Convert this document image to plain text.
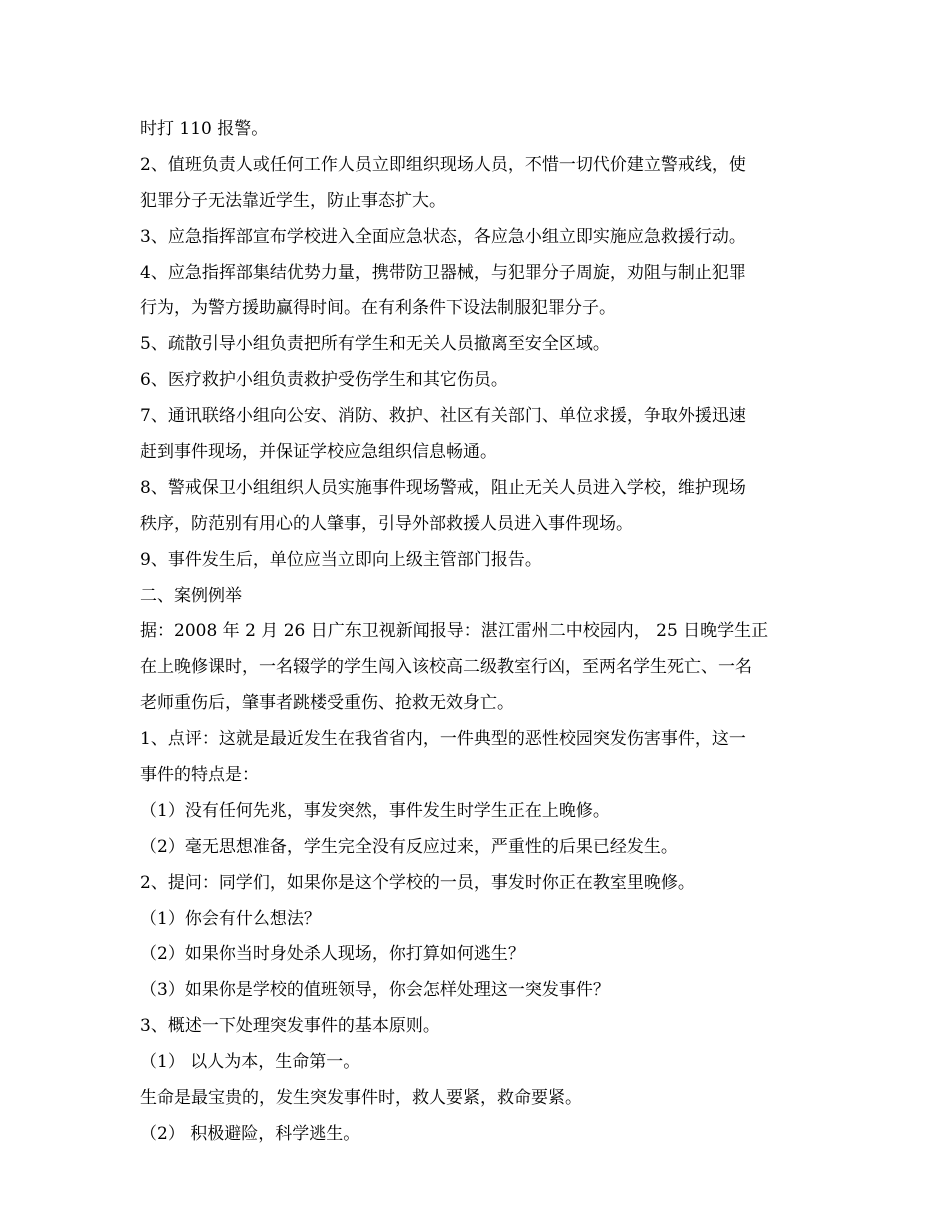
时打 110 报警。
2、值班负责人或任何工作人员立即组织现场人员，不惜一切代价建立警戒线，使
犯罪分子无法靠近学生，防止事态扩大。
3、应急指挥部宣布学校进入全面应急状态，各应急小组立即实施应急救援行动。
4、应急指挥部集结优势力量，携带防卫器械，与犯罪分子周旋，劝阻与制止犯罪
行为，为警方援助赢得时间。在有利条件下设法制服犯罪分子。
5、疏散引导小组负责把所有学生和无关人员撤离至安全区域。
6、医疗救护小组负责救护受伤学生和其它伤员。
7、通讯联络小组向公安、消防、救护、社区有关部门、单位求援，争取外援迅速
赶到事件现场，并保证学校应急组织信息畅通。
8、警戒保卫小组组织人员实施事件现场警戒，阻止无关人员进入学校，维护现场
秩序，防范别有用心的人肇事，引导外部救援人员进入事件现场。
9、事件发生后，单位应当立即向上级主管部门报告。
二、案例例举
据：2008 年 2 月 26 日广东卫视新闻报导：湛江雷州二中校园内， 25 日晚学生正
在上晚修课时，一名辍学的学生闯入该校高二级教室行凶，至两名学生死亡、一名
老师重伤后，肇事者跳楼受重伤、抢救无效身亡。
1、点评：这就是最近发生在我省省内，一件典型的恶性校园突发伤害事件，这一
事件的特点是：
（1）没有任何先兆，事发突然，事件发生时学生正在上晚修。
（2）毫无思想准备，学生完全没有反应过来，严重性的后果已经发生。
2、提问：同学们，如果你是这个学校的一员，事发时你正在教室里晚修。
（1）你会有什么想法？
（2）如果你当时身处杀人现场，你打算如何逃生？
（3）如果你是学校的值班领导，你会怎样处理这一突发事件？
3、概述一下处理突发事件的基本原则。
（1） 以人为本，生命第一。
生命是最宝贵的，发生突发事件时，救人要紧，救命要紧。
（2） 积极避险，科学逃生。
